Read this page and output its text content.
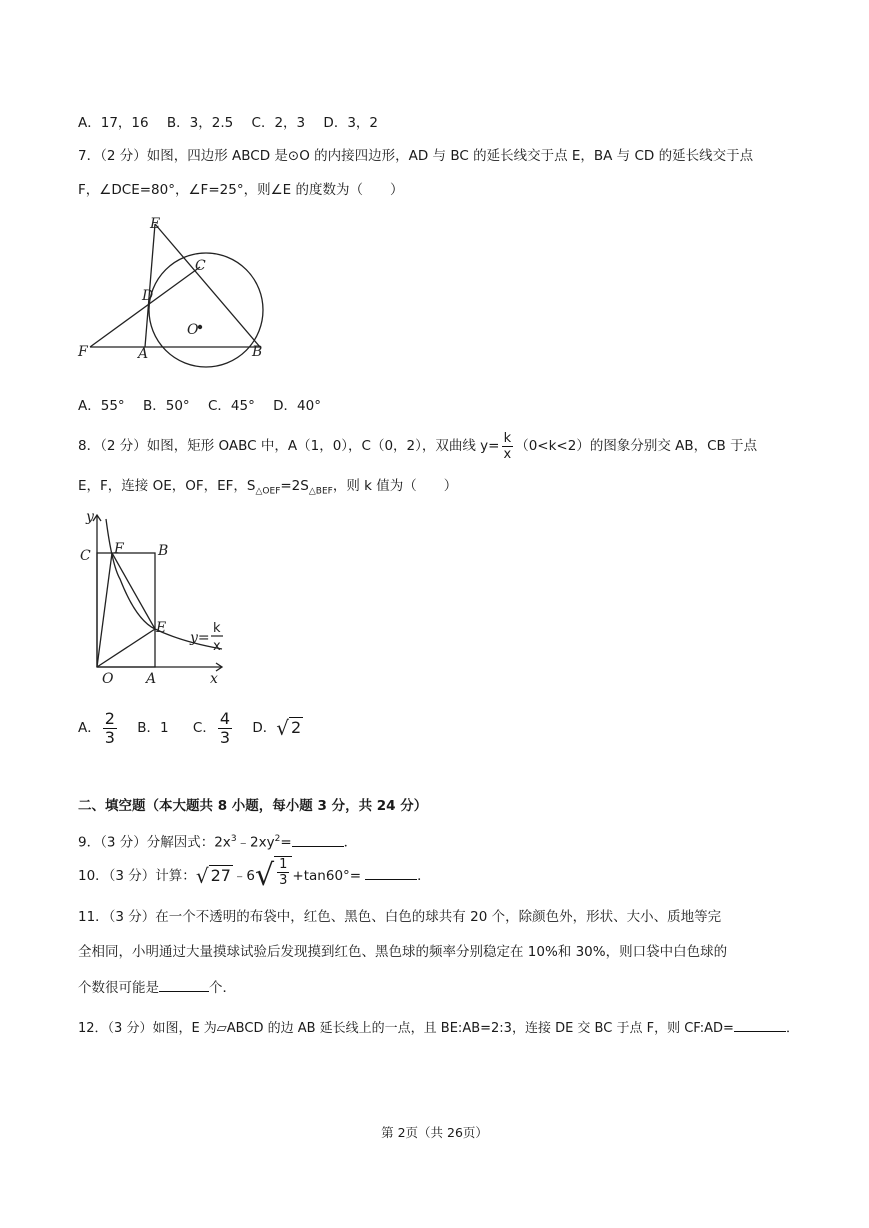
A．17，16 B．3，2.5 C．2，3 D．3，2
7．（2 分）如图，四边形 ABCD 是⊙O 的内接四边形，AD 与 BC 的延长线交于点 E，BA 与 CD 的延长线交于点
F，∠DCE=80°，∠F=25°，则∠E 的度数为（　　）
E
C
D
O
F	A	B
A．55° B．50° C．45° D．40°
8．（2 分）如图，矩形 OABC 中，A（1，0），C（0，2），双曲线 $y= \frac{k}{x} (0<k<2)$的图象分别交 AB，CB 于点
E，F，连接 OE，OF，EF，$S_{\triangle OEF}=2S_{\triangle BEF}$，则 k 值为（　　）
y
x
C F B
E
O A
y=
k
x
A． $\frac{2}{3}$ B．1 C． $\frac{4}{3}$ D． √ 2
二、填空题（本大题共 8 小题，每小题 3 分，共 24 分）
9．（3 分）分解因式：$2x^3﹣2xy^2=$	．
10．（3 分）计算： √ 27 ﹣6 √ $\frac{1}{3} +\tan 60^\circ=$	．
11．（3 分）在一个不透明的布袋中，红色、黑色、白色的球共有 20 个，除颜色外，形状、大小、质地等完
全相同，小明通过大量摸球试验后发现摸到红色、黑色球的频率分别稳定在 10%和 30%，则口袋中白色球的
个数很可能是	个．
12．（3 分）如图，E 为▱ABCD 的边 AB 延长线上的一点，且 BE:AB=2:3，连接 DE 交 BC 于点 F，则 CF:AD=	．
第 2页（共 26页）
